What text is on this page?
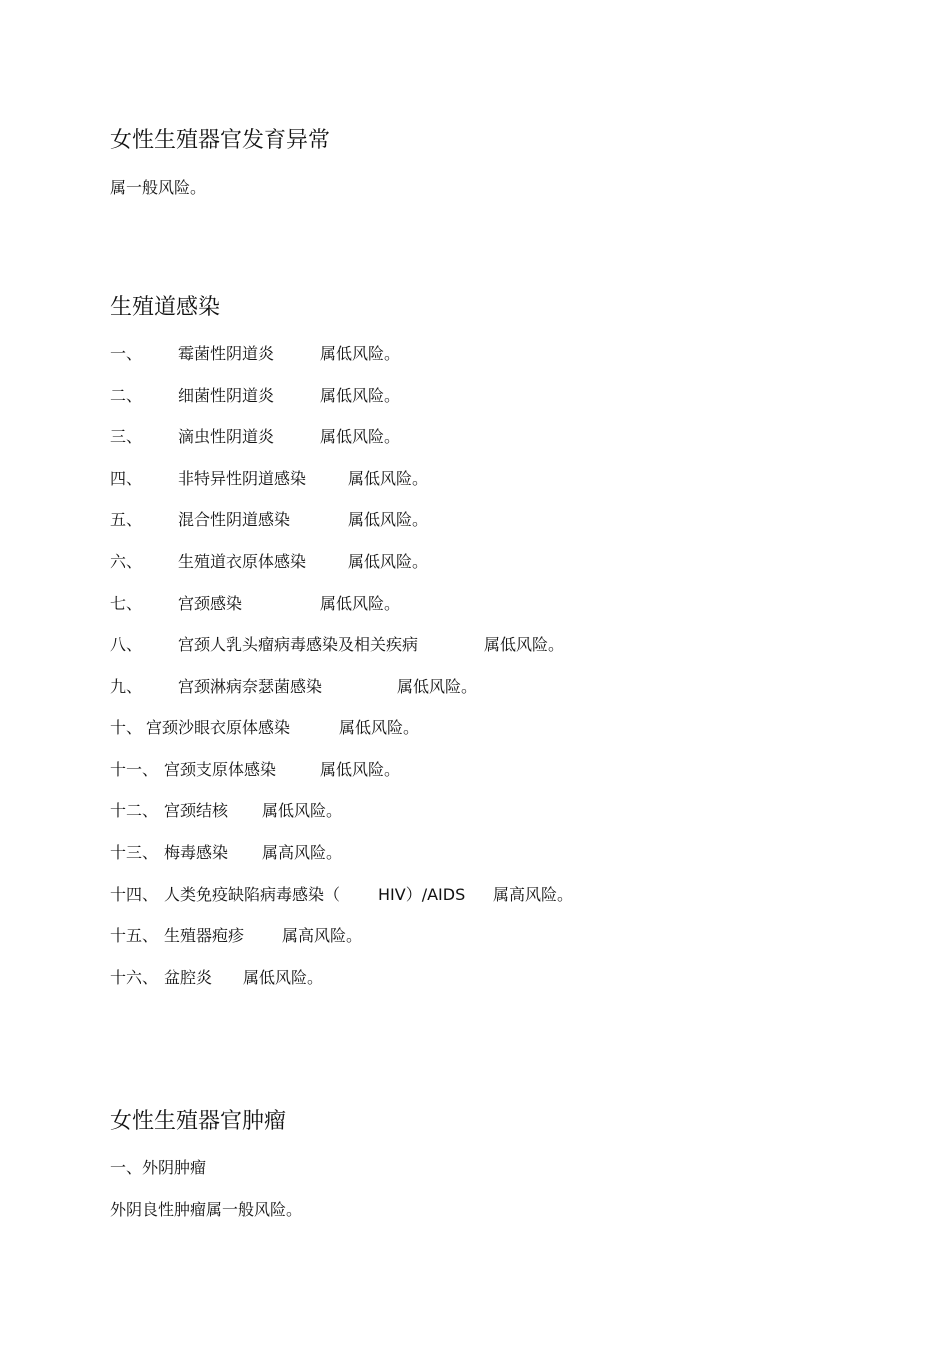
女性生殖器官发育异常

属一般风险。

生殖道感染
一、 霉菌性阴道炎	属低风险。
二、 细菌性阴道炎	属低风险。
三、 滴虫性阴道炎	属低风险。
四、 非特异性阴道感染	属低风险。
五、 混合性阴道感染	属低风险。
六、 生殖道衣原体感染	属低风险。
七、 宫颈感染	属低风险。
八、 宫颈人乳头瘤病毒感染及相关疾病	属低风险。
九、 宫颈淋病奈瑟菌感染	属低风险。
十、 宫颈沙眼衣原体感染	属低风险。
十一、 宫颈支原体感染	属低风险。
十二、 宫颈结核 属低风险。
十三、 梅毒感染 属高风险。
十四、 人类免疫缺陷病毒感染（ HIV）/AIDS 属高风险。
十五、 生殖器疱疹 属高风险。
十六、 盆腔炎 属低风险。
女性生殖器官肿瘤

一、外阴肿瘤

外阴良性肿瘤属一般风险。
